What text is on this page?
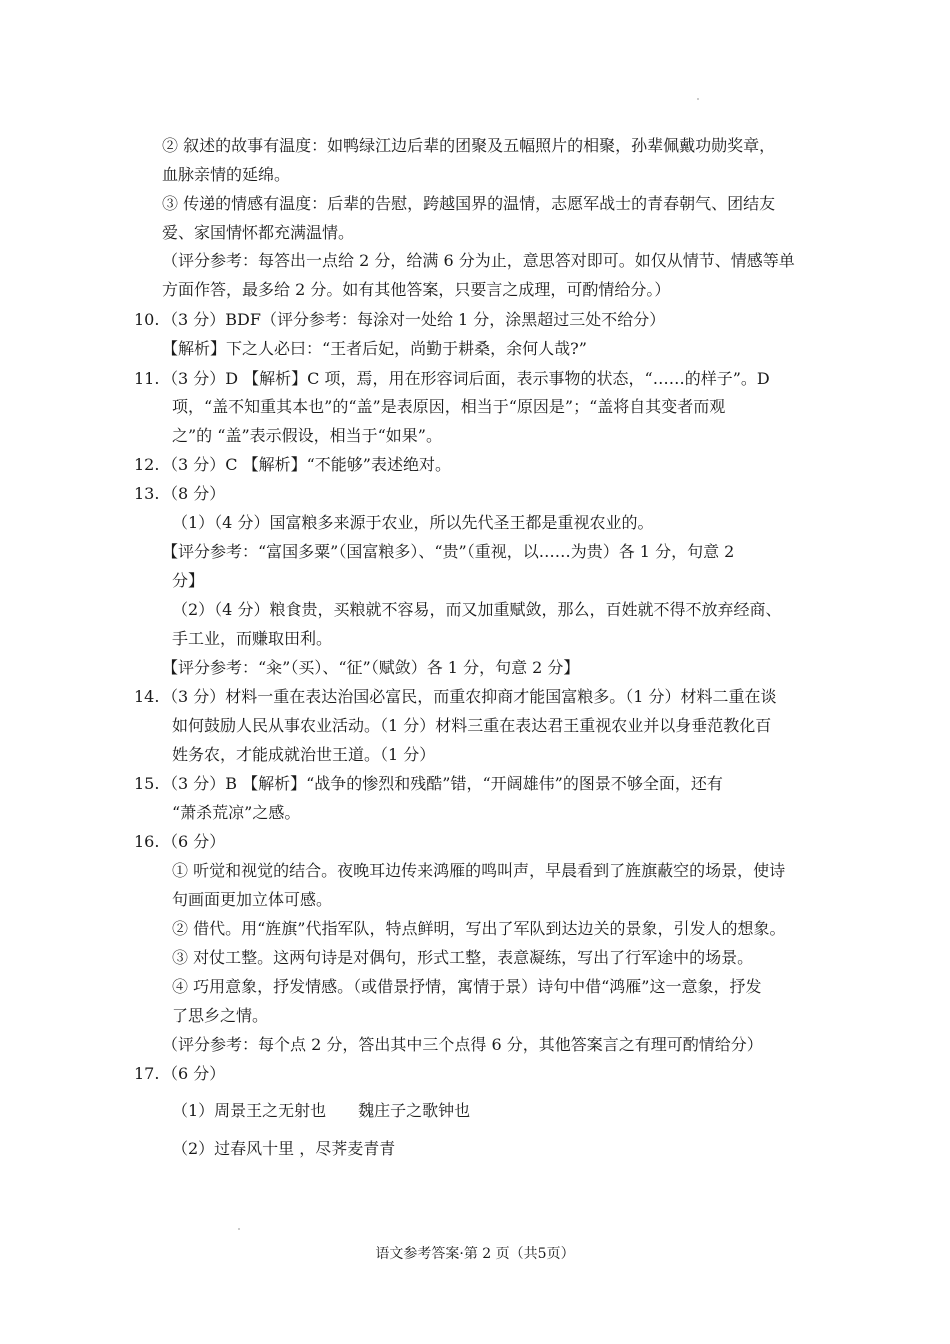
② 叙述的故事有温度：如鸭绿江边后辈的团聚及五幅照片的相聚，孙辈佩戴功勋奖章，
血脉亲情的延绵。
③ 传递的情感有温度：后辈的告慰，跨越国界的温情，志愿军战士的青春朝气、团结友
爱、家国情怀都充满温情。
（评分参考：每答出一点给 2 分，给满 6 分为止，意思答对即可。如仅从情节、情感等单
方面作答，最多给 2 分。如有其他答案，只要言之成理，可酌情给分。）
10. （3 分）BDF（评分参考：每涂对一处给 1 分，涂黑超过三处不给分）
【解析】下之人必曰：“王者后妃，尚勤于耕桑，余何人哉?”
11. （3 分）D 【解析】C 项，焉，用在形容词后面，表示事物的状态，“……的样子”。D
项，“盖不知重其本也”的“盖”是表原因，相当于“原因是”；“盖将自其变者而观
之”的 “盖”表示假设，相当于“如果”。
12. （3 分）C 【解析】“不能够”表述绝对。
13. （8 分）
（1）（4 分）国富粮多来源于农业，所以先代圣王都是重视农业的。
【评分参考：“富国多粟”（国富粮多）、“贵”（重视，以……为贵）各 1 分，句意 2
分】
（2）（4 分）粮食贵，买粮就不容易，而又加重赋敛，那么，百姓就不得不放弃经商、
手工业，而赚取田利。
【评分参考：“籴”（买）、“征”（赋敛）各 1 分，句意 2 分】
14. （3 分）材料一重在表达治国必富民，而重农抑商才能国富粮多。（1 分）材料二重在谈
如何鼓励人民从事农业活动。（1 分）材料三重在表达君王重视农业并以身垂范教化百
姓务农，才能成就治世王道。（1 分）
15. （3 分）B 【解析】“战争的惨烈和残酷”错，“开阔雄伟”的图景不够全面，还有
“萧杀荒凉”之感。
16. （6 分）
① 听觉和视觉的结合。夜晚耳边传来鸿雁的鸣叫声，早晨看到了旌旗蔽空的场景，使诗
句画面更加立体可感。
② 借代。用“旌旗”代指军队，特点鲜明，写出了军队到达边关的景象，引发人的想象。
③ 对仗工整。这两句诗是对偶句，形式工整，表意凝练，写出了行军途中的场景。
④ 巧用意象，抒发情感。（或借景抒情，寓情于景）诗句中借“鸿雁”这一意象，抒发
了思乡之情。
（评分参考：每个点 2 分，答出其中三个点得 6 分，其他答案言之有理可酌情给分）
17. （6 分）
（1）周景王之无射也　　魏庄子之歌钟也
（2）过春风十里 ，尽荠麦青青
语文参考答案·第 2 页（共5页）
